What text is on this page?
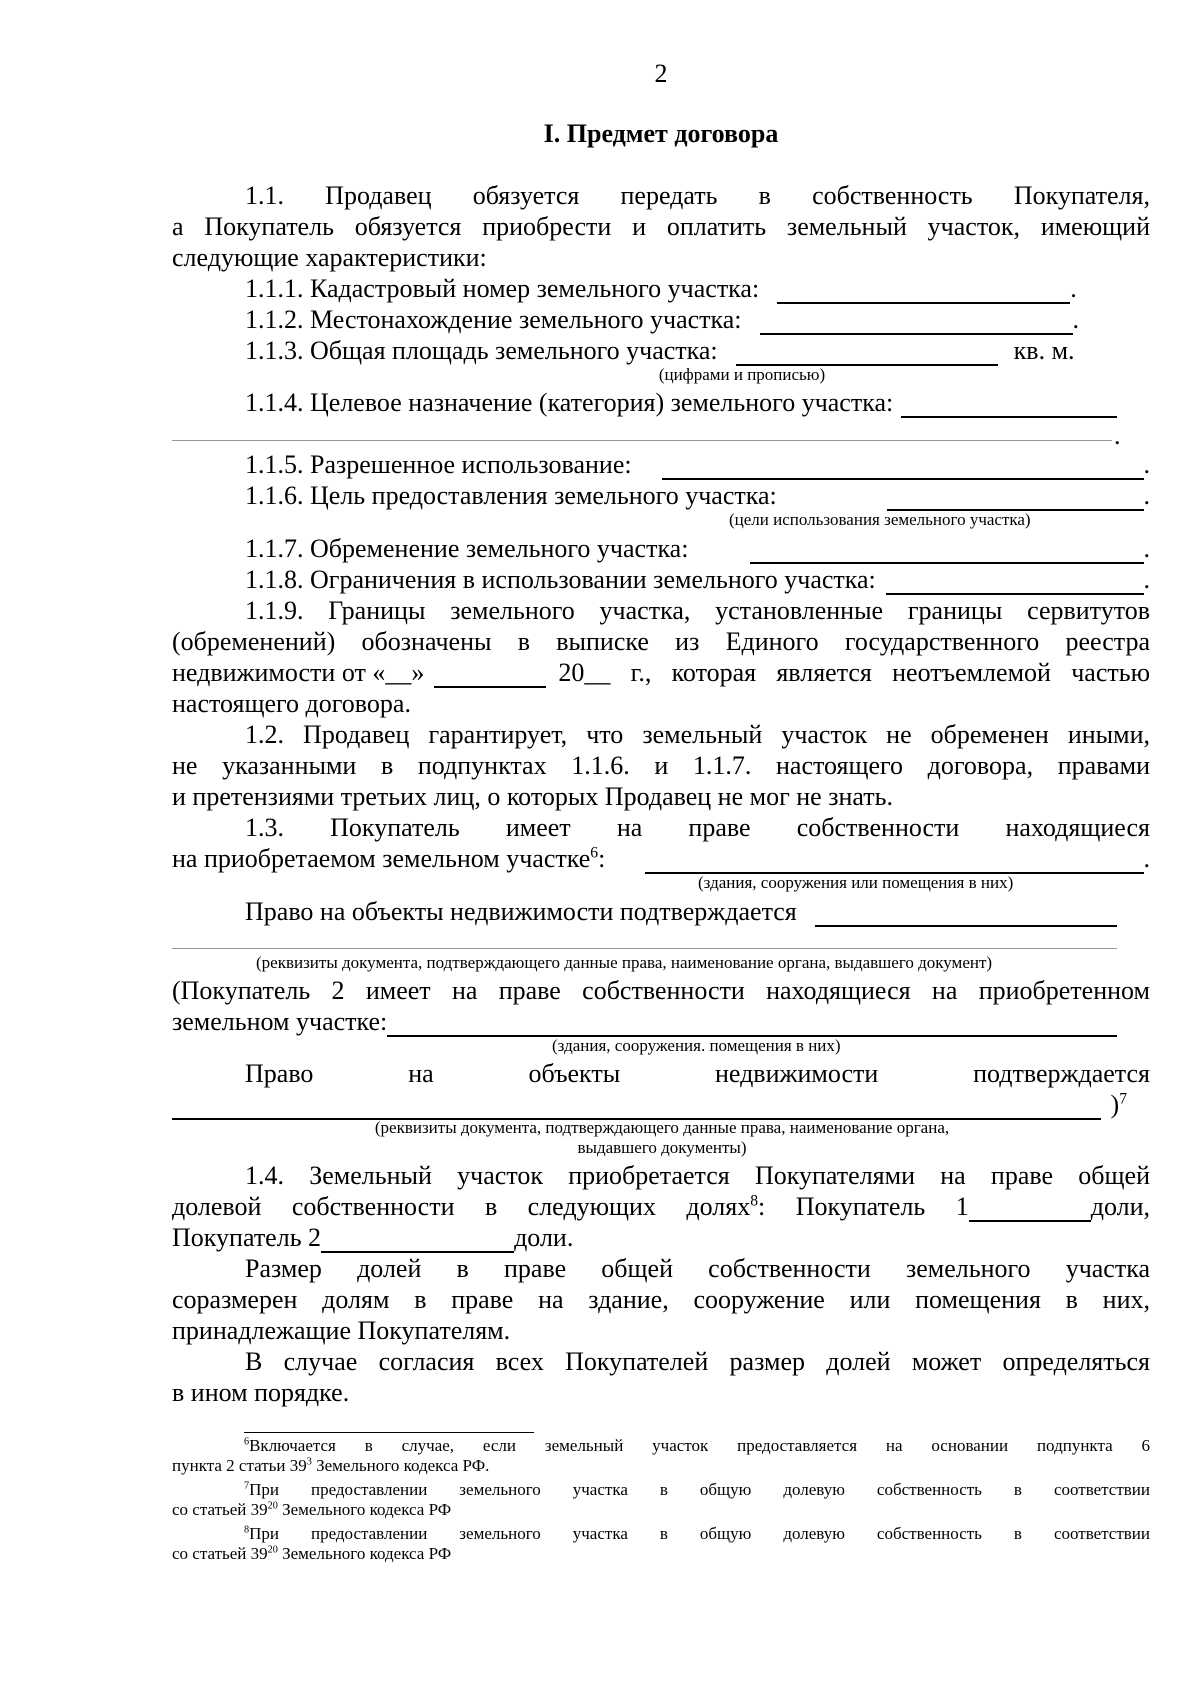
2
I. Предмет договора
1.1. Продавец обязуется передать в собственность Покупателя,
а Покупатель обязуется приобрести и оплатить земельный участок, имеющий
следующие характеристики:
1.1.1. Кадастровый номер земельного участка:	.
1.1.2. Местонахождение земельного участка:	.
1.1.3. Общая площадь земельного участка:	кв. м.
(цифрами и прописью)
1.1.4. Целевое назначение (категория) земельного участка:
.
1.1.5. Разрешенное использование:	.
1.1.6. Цель предоставления земельного участка:	.
(цели использования земельного участка)
1.1.7. Обременение земельного участка:	.
1.1.8. Ограничения в использовании земельного участка:	.
1.1.9. Границы земельного участка, установленные границы сервитутов
(обременений) обозначены в выписке из Единого государственного реестра
недвижимости от «__»	20__ г., которая является неотъемлемой частью
настоящего договора.
1.2. Продавец гарантирует, что земельный участок не обременен иными,
не указанными в подпунктах 1.1.6. и 1.1.7. настоящего договора, правами
и претензиями третьих лиц, о которых Продавец не мог не знать.
1.3. Покупатель имеет на праве собственности находящиеся
на приобретаемом земельном участке$^6$:	.
(здания, сооружения или помещения в них)
Право на объекты недвижимости подтверждается
(реквизиты документа, подтверждающего данные права, наименование органа, выдавшего документ)
(Покупатель 2 имеет на праве собственности находящиеся на приобретенном
земельном участке:
(здания, сооружения. помещения в них)
Право	на	объекты	недвижимости	подтверждается
)$^7$
(реквизиты документа, подтверждающего данные права, наименование органа,
выдавшего документы)
1.4. Земельный участок приобретается Покупателями на праве общей
долевой собственности в следующих долях$^8$: Покупатель 1	доли,
Покупатель 2	доли.
Размер долей в праве общей собственности земельного участка
соразмерен долям в праве на здание, сооружение или помещения в них,
принадлежащие Покупателям.
В случае согласия всех Покупателей размер долей может определяться
в ином порядке.
$^6$Включается в случае, если земельный участок предоставляется на основании подпункта 6
пункта 2 статьи $39^3$ Земельного кодекса РФ.
$^7$При предоставлении земельного участка в общую долевую собственность в соответствии
со статьей $39^{20}$ Земельного кодекса РФ
$^8$При предоставлении земельного участка в общую долевую собственность в соответствии
со статьей $39^{20}$ Земельного кодекса РФ
